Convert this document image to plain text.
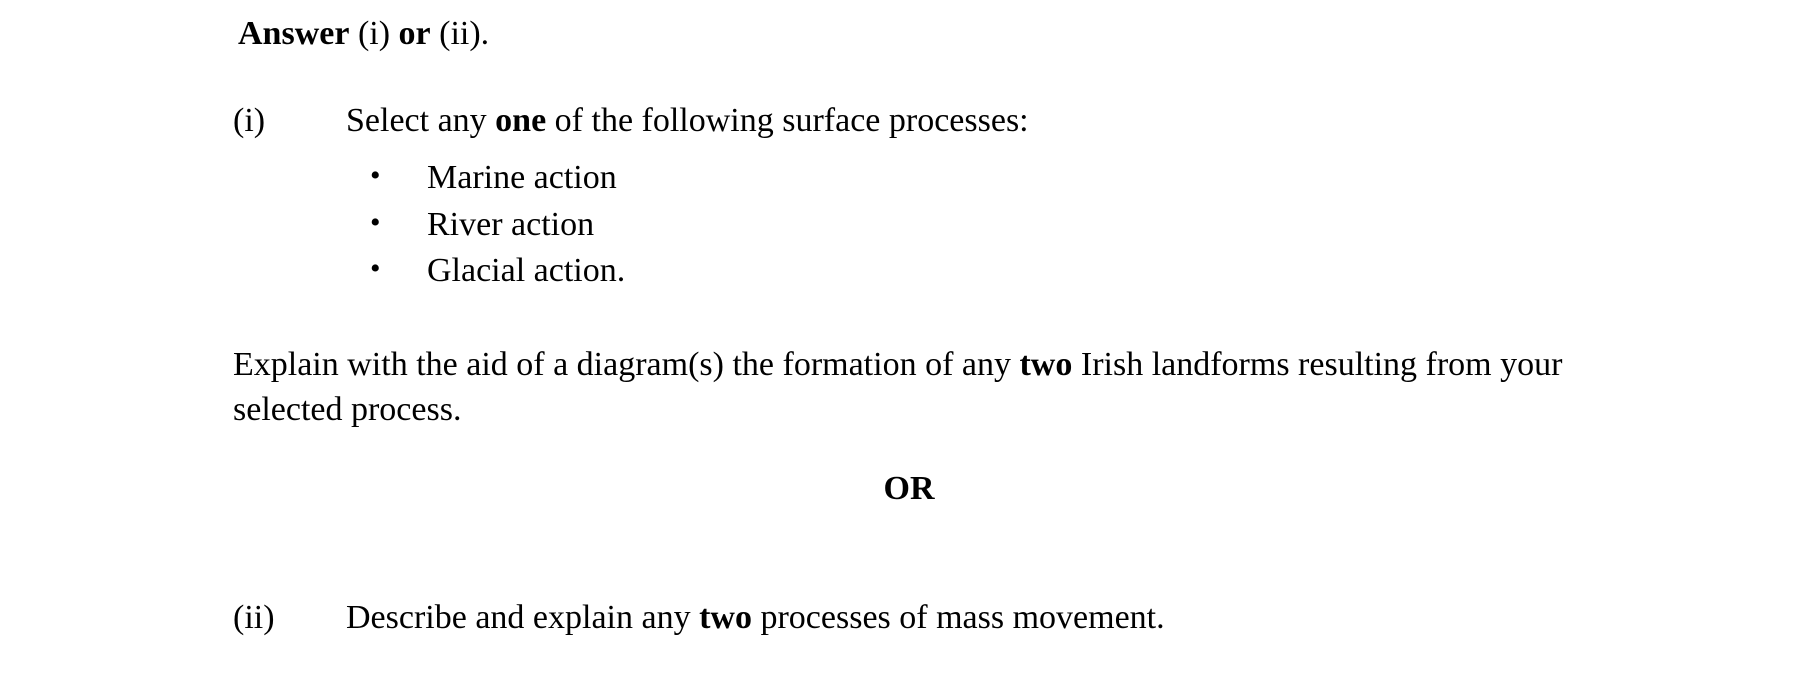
Answer (i) or (ii).
(i) Select any one of the following surface processes:
• Marine action
• River action
• Glacial action.
Explain with the aid of a diagram(s) the formation of any two Irish landforms resulting from your selected process.
OR
(ii) Describe and explain any two processes of mass movement.
